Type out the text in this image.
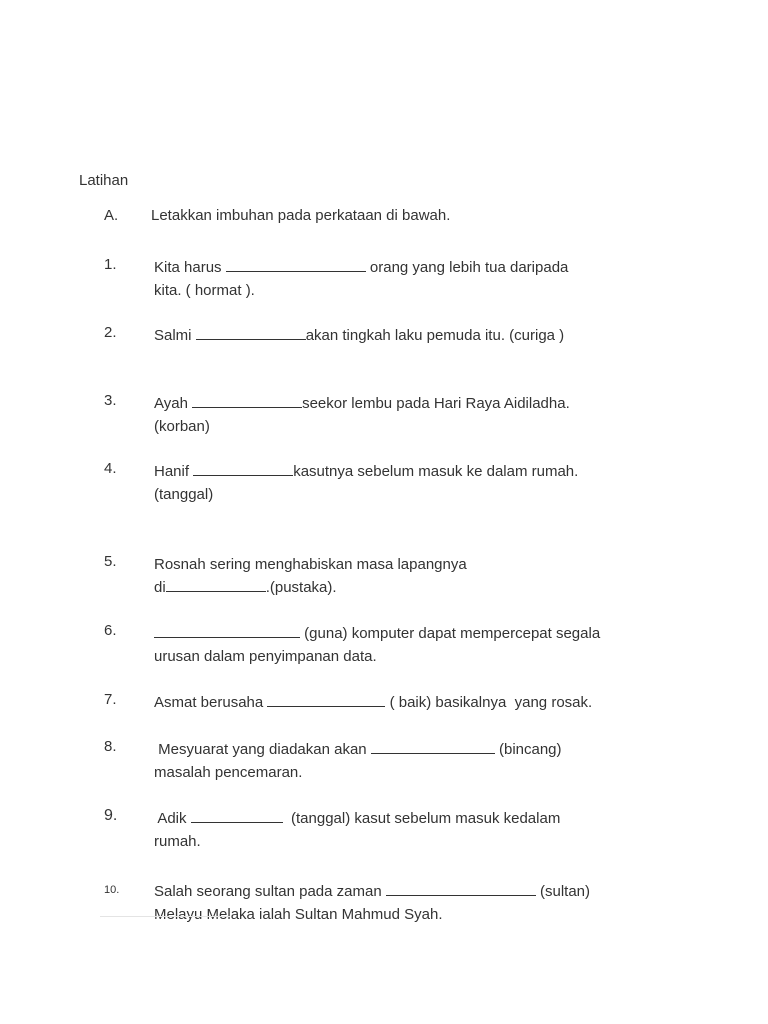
Latihan
A. Letakkan imbuhan pada perkataan di bawah.
1. Kita harus	orang yang lebih tua daripada
kita. ( hormat ).
2. Salmi	akan tingkah laku pemuda itu. (curiga )
3. Ayah	seekor lembu pada Hari Raya Aidiladha.
(korban)
4. Hanif	kasutnya sebelum masuk ke dalam rumah.
(tanggal)
5. Rosnah sering menghabiskan masa lapangnya
di	.(pustaka).
6.	(guna) komputer dapat mempercepat segala
urusan dalam penyimpanan data.
7. Asmat berusaha	( baik) basikalnya  yang rosak.
8. Mesyuarat yang diadakan akan	(bincang)
masalah pencemaran.
9. Adik	(tanggal) kasut sebelum masuk kedalam
rumah.
10. Salah seorang sultan pada zaman	(sultan)
Melayu Melaka ialah Sultan Mahmud Syah.
